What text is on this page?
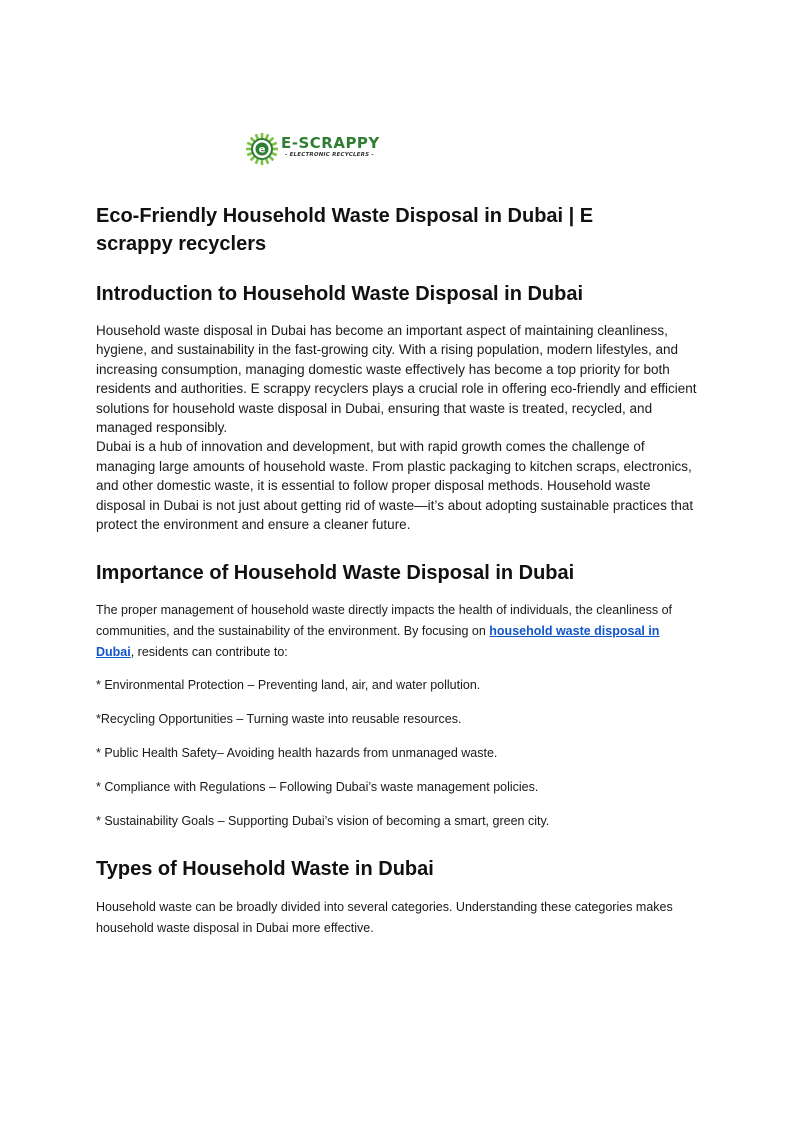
e E-SCRAPPY
- ELECTRONIC RECYCLERS -
Eco-Friendly Household Waste Disposal in Dubai | E scrappy recyclers
Introduction to Household Waste Disposal in Dubai

Household waste disposal in Dubai has become an important aspect of maintaining cleanliness, hygiene, and sustainability in the fast-growing city. With a rising population, modern lifestyles, and increasing consumption, managing domestic waste effectively has become a top priority for both residents and authorities. E scrappy recyclers plays a crucial role in offering eco-friendly and efficient solutions for household waste disposal in Dubai, ensuring that waste is treated, recycled, and managed responsibly.

Dubai is a hub of innovation and development, but with rapid growth comes the challenge of managing large amounts of household waste. From plastic packaging to kitchen scraps, electronics, and other domestic waste, it is essential to follow proper disposal methods. Household waste disposal in Dubai is not just about getting rid of waste—it’s about adopting sustainable practices that protect the environment and ensure a cleaner future.

Importance of Household Waste Disposal in Dubai

The proper management of household waste directly impacts the health of individuals, the cleanliness of communities, and the sustainability of the environment. By focusing on household waste disposal in Dubai, residents can contribute to:

* Environmental Protection – Preventing land, air, and water pollution.

*Recycling Opportunities – Turning waste into reusable resources.

* Public Health Safety– Avoiding health hazards from unmanaged waste.

* Compliance with Regulations – Following Dubai’s waste management policies.

* Sustainability Goals – Supporting Dubai’s vision of becoming a smart, green city.

Types of Household Waste in Dubai

Household waste can be broadly divided into several categories. Understanding these categories makes household waste disposal in Dubai more effective.
